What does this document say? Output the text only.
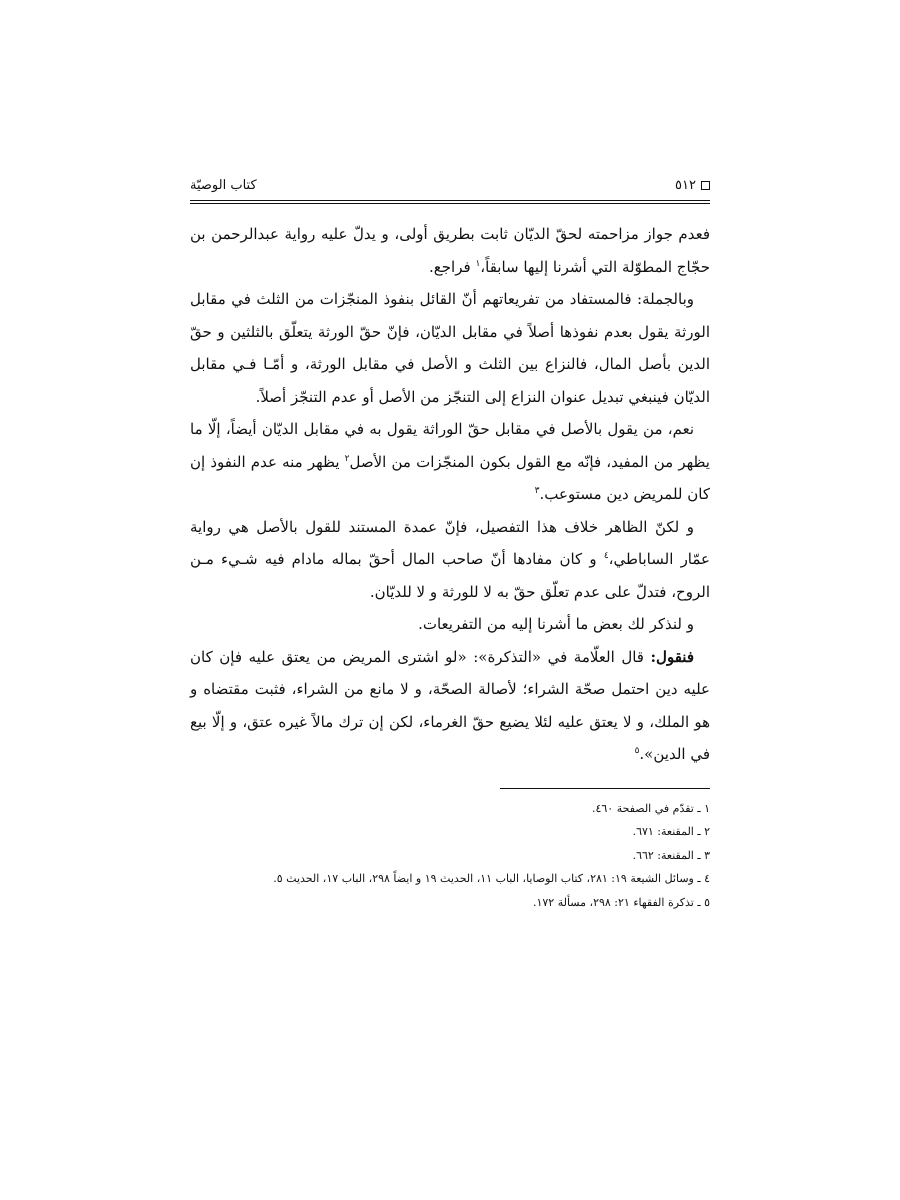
٥١٢
كتاب الوصيّة

فعدم جواز مزاحمته لحقّ الديّان ثابت بطريق أولى، و يدلّ عليه رواية عبدالرحمن بن حجّاج المطوّلة التي أشرنا إليها سابقاً،$^١$ فراجع.

وبالجملة: فالمستفاد من تفريعاتهم أنّ القائل بنفوذ المنجّزات من الثلث في مقابل الورثة يقول بعدم نفوذها أصلاً في مقابل الديّان، فإنّ حقّ الورثة يتعلّق بالثلثين و حقّ الدين بأصل المال، فالنزاع بين الثلث و الأصل في مقابل الورثة، و أمّـا فـي مقابل الديّان فينبغي تبديل عنوان النزاع إلى التنجّز من الأصل أو عدم التنجّز أصلاً.

نعم، من يقول بالأصل في مقابل حقّ الوراثة يقول به في مقابل الديّان أيضاً، إلّا ما يظهر من المفيد، فإنّه مع القول بكون المنجّزات من الأصل$^٢$ يظهر منه عدم النفوذ إن كان للمريض دين مستوعب.$^٣$

و لكنّ الظاهر خلاف هذا التفصيل، فإنّ عمدة المستند للقول بالأصل هي رواية عمّار الساباطي،$^٤$ و كان مفادها أنّ صاحب المال أحقّ بماله مادام فيه شـيء مـن الروح، فتدلّ على عدم تعلّق حقّ به لا للورثة و لا للديّان.

و لنذكر لك بعض ما أشرنا إليه من التفريعات.

فنقول: قال العلّامة في «التذكرة»: «لو اشترى المريض من يعتق عليه فإن كان عليه دين احتمل صحّة الشراء؛ لأصالة الصحّة، و لا مانع من الشراء، فثبت مقتضاه و هو الملك، و لا يعتق عليه لئلا يضيع حقّ الغرماء، لكن إن ترك مالاً غيره عتق، و إلّا بيع في الدين».$^٥$

١ ـ تقدّم في الصفحة ٤٦٠.
٢ ـ المقنعة: ٦٧١.
٣ ـ المقنعة: ٦٦٢.
٤ ـ وسائل الشيعة ١٩: ٢٨١، كتاب الوصايا، الباب ١١، الحديث ١٩ و ايضاً ٢٩٨، الباب ١٧، الحديث ٥.
٥ ـ تذكرة الفقهاء ٢١: ٢٩٨، مسألة ١٧٢.
